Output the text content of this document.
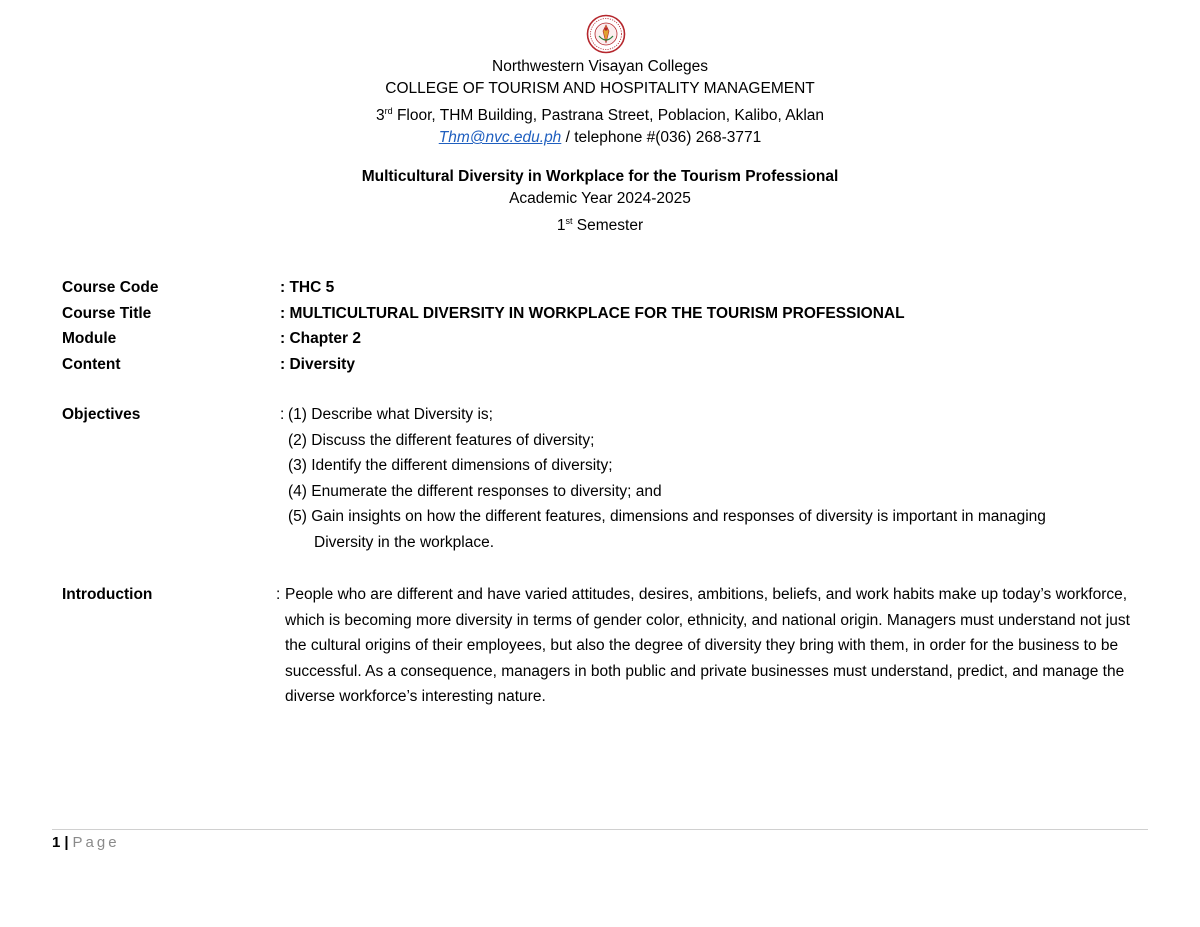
Northwestern Visayan Colleges
COLLEGE OF TOURISM AND HOSPITALITY MANAGEMENT
3rd Floor, THM Building, Pastrana Street, Poblacion, Kalibo, Aklan
Thm@nvc.edu.ph / telephone #(036) 268-3771
Multicultural Diversity in Workplace for the Tourism Professional
Academic Year 2024-2025
1st Semester
Course Code	: THC 5
Course Title	: MULTICULTURAL DIVERSITY IN WORKPLACE FOR THE TOURISM PROFESSIONAL
Module	: Chapter 2
Content	: Diversity
Objectives	: (1) Describe what Diversity is;
(2) Discuss the different features of diversity;
(3) Identify the different dimensions of diversity;
(4) Enumerate the different responses to diversity; and
(5) Gain insights on how the different features, dimensions and responses of diversity is important in managing
Diversity in the workplace.
Introduction	: People who are different and have varied attitudes, desires, ambitions, beliefs, and work habits make up today’s workforce, which is becoming more diversity in terms of gender color, ethnicity, and national origin. Managers must understand not just the cultural origins of their employees, but also the degree of diversity they bring with them, in order for the business to be successful. As a consequence, managers in both public and private businesses must understand, predict, and manage the diverse workforce’s interesting nature.
1 | Page
